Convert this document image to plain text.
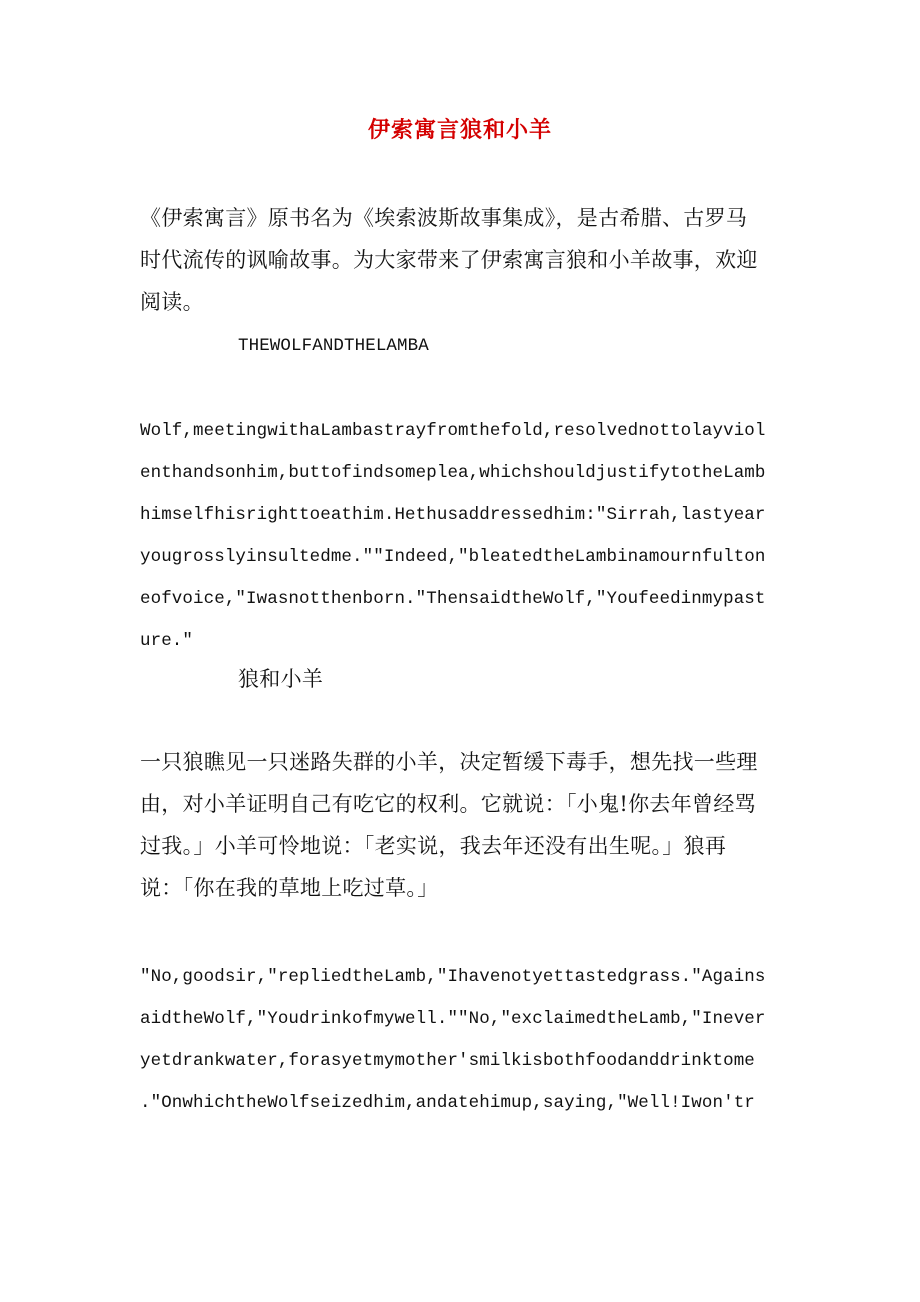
伊索寓言狼和小羊
《伊索寓言》原书名为《埃索波斯故事集成》，是古希腊、古罗马
时代流传的讽喻故事。为大家带来了伊索寓言狼和小羊故事，欢迎
阅读。
THEWOLFANDTHELAMBA
Wolf,meetingwithaLambastrayfromthefold,resolvednottolayviol
enthandsonhim,buttofindsomeplea,whichshouldjustifytotheLamb
himselfhisrighttoeathim.Hethusaddressedhim:"Sirrah,lastyear
yougrosslyinsultedme.""Indeed,"bleatedtheLambinamournfulton
eofvoice,"Iwasnotthenborn."ThensaidtheWolf,"Youfeedinmypast
ure."
狼和小羊
一只狼瞧见一只迷路失群的小羊，决定暂缓下毒手，想先找一些理
由，对小羊证明自己有吃它的权利。它就说：「小鬼!你去年曾经骂
过我。」小羊可怜地说：「老实说，我去年还没有出生呢。」狼再
说：「你在我的草地上吃过草。」
"No,goodsir,"repliedtheLamb,"Ihavenotyettastedgrass."Agains
aidtheWolf,"Youdrinkofmywell.""No,"exclaimedtheLamb,"Inever
yetdrankwater,forasyetmymother′smilkisbothfoodanddrinktome
."OnwhichtheWolfseizedhim,andatehimup,saying,"Well!Iwon′tr
